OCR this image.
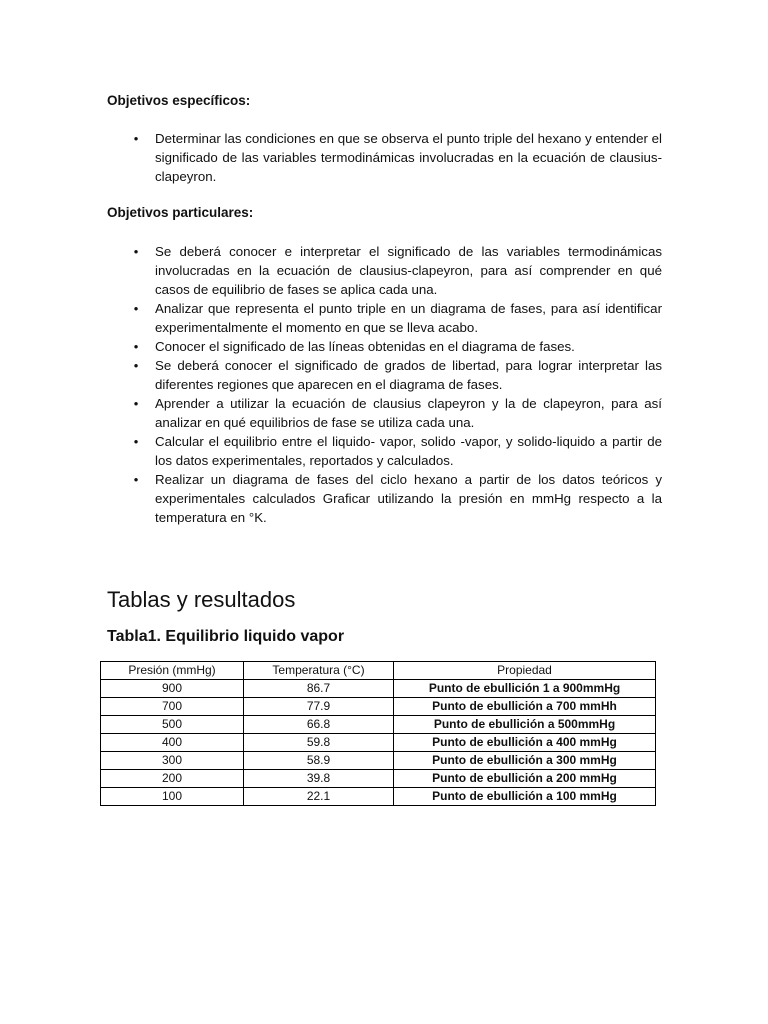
Objetivos específicos:
• Determinar las condiciones en que se observa el punto triple del hexano y entender el significado de las variables termodinámicas involucradas en la ecuación de clausius-clapeyron.
Objetivos particulares:
• Se deberá conocer e interpretar el significado de las variables termodinámicas involucradas en la ecuación de clausius-clapeyron, para así comprender en qué casos de equilibrio de fases se aplica cada una.
• Analizar que representa el punto triple en un diagrama de fases, para así identificar experimentalmente el momento en que se lleva acabo.
• Conocer el significado de las líneas obtenidas en el diagrama de fases.
• Se deberá conocer el significado de grados de libertad, para lograr interpretar las diferentes regiones que aparecen en el diagrama de fases.
• Aprender a utilizar la ecuación de clausius clapeyron y la de clapeyron, para así analizar en qué equilibrios de fase se utiliza cada una.
• Calcular el equilibrio entre el liquido- vapor, solido -vapor, y solido-liquido a partir de los datos experimentales, reportados y calculados.
• Realizar un diagrama de fases del ciclo hexano a partir de los datos teóricos y experimentales calculados Graficar utilizando la presión en mmHg respecto a la temperatura en °K.
Tablas y resultados
Tabla1. Equilibrio liquido vapor
Presión (mmHg)	Temperatura (°C)	Propiedad
900	86.7	Punto de ebullición 1 a 900mmHg
700	77.9	Punto de ebullición a 700 mmHh
500	66.8	Punto de ebullición a 500mmHg
400	59.8	Punto de ebullición a 400 mmHg
300	58.9	Punto de ebullición a 300 mmHg
200	39.8	Punto de ebullición a 200 mmHg
100	22.1	Punto de ebullición a 100 mmHg
